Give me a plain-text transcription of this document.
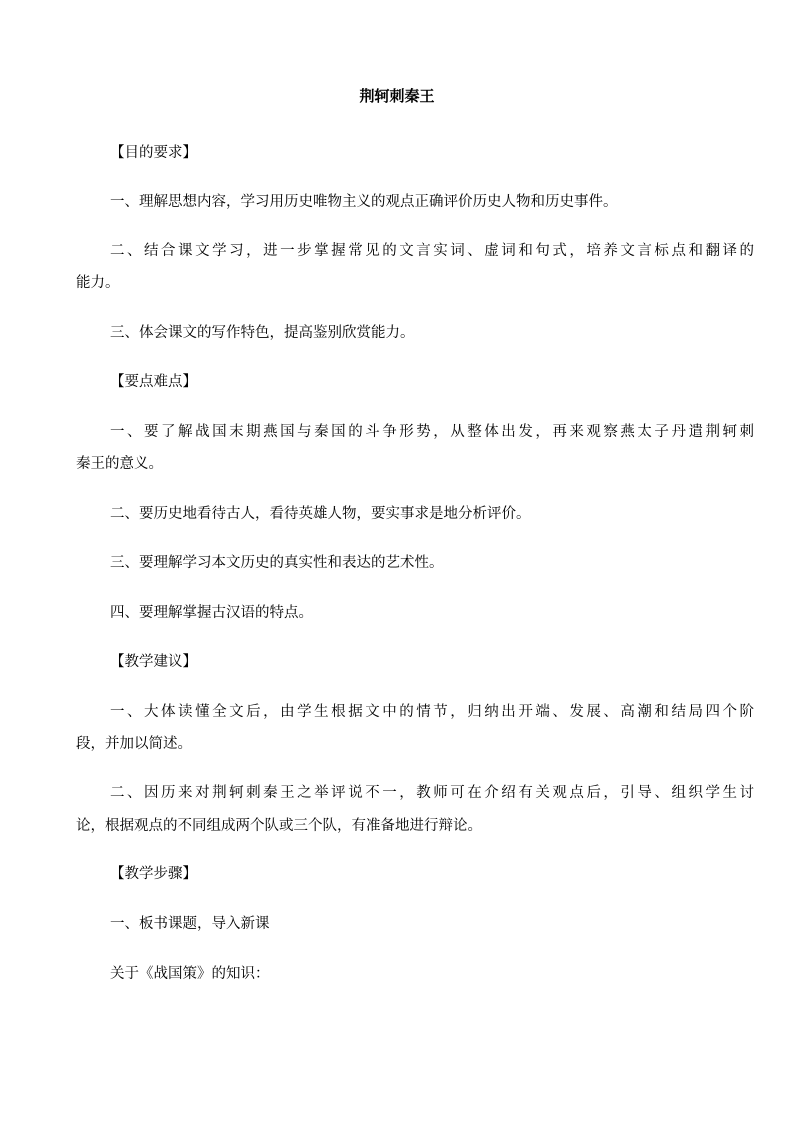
荆轲刺秦王
【目的要求】
一、理解思想内容，学习用历史唯物主义的观点正确评价历史人物和历史事件。
二、结合课文学习，进一步掌握常见的文言实词、虚词和句式，培养文言标点和翻译的
能力。
三、体会课文的写作特色，提高鉴别欣赏能力。
【要点难点】
一、要了解战国末期燕国与秦国的斗争形势，从整体出发，再来观察燕太子丹遣荆轲刺
秦王的意义。
二、要历史地看待古人，看待英雄人物，要实事求是地分析评价。
三、要理解学习本文历史的真实性和表达的艺术性。
四、要理解掌握古汉语的特点。
【教学建议】
一、大体读懂全文后，由学生根据文中的情节，归纳出开端、发展、高潮和结局四个阶
段，并加以简述。
二、因历来对荆轲刺秦王之举评说不一，教师可在介绍有关观点后，引导、组织学生讨
论，根据观点的不同组成两个队或三个队，有准备地进行辩论。
【教学步骤】
一、板书课题，导入新课
关于《战国策》的知识：
